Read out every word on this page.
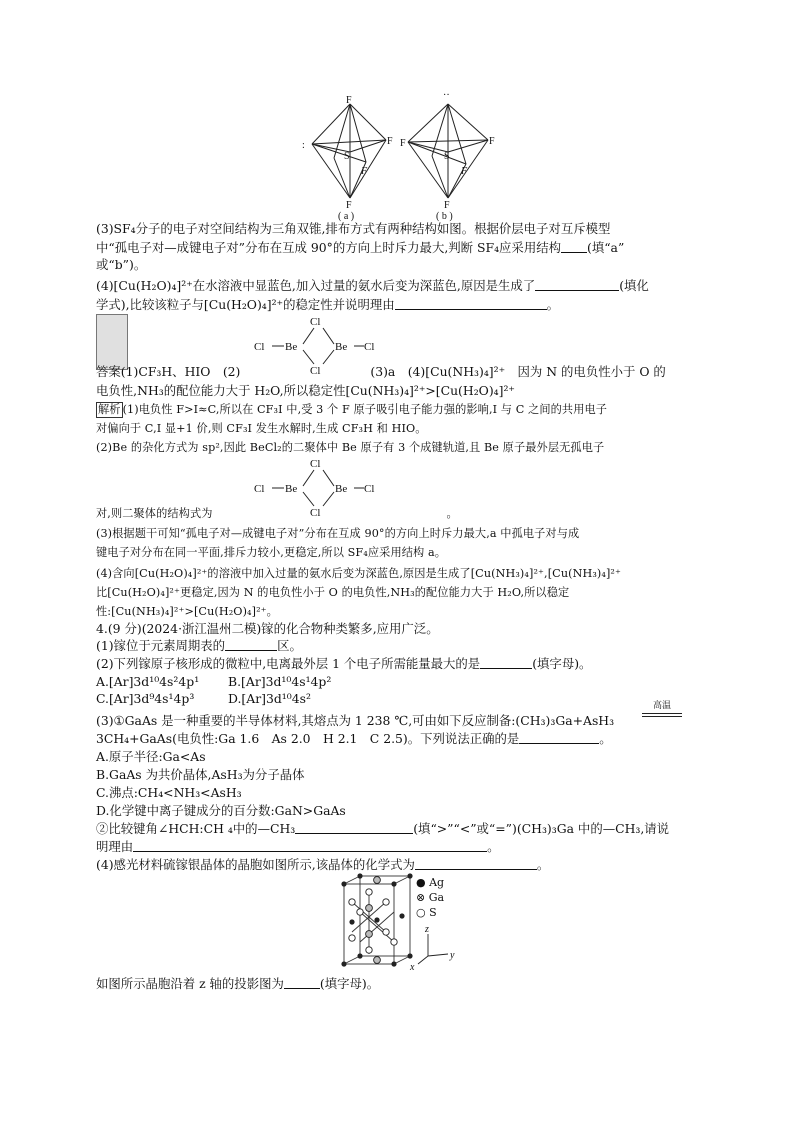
F
:	F
S
F
F
··
F	F
S
F
F
( a )	( b )
(3)SF₄分子的电子对空间结构为三角双锥,排布方式有两种结构如图。根据价层电子对互斥模型
中“孤电子对—成键电子对”分布在互成 90°的方向上时斥力最大,判断 SF₄应采用结构 (填“a”
或“b”)。
(4)[Cu(H₂O)₄]²⁺在水溶液中显蓝色,加入过量的氨水后变为深蓝色,原因是生成了	(填化
学式),比较该粒子与[Cu(H₂O)₄]²⁺的稳定性并说明理由	。
Cl
Cl Be	Be Cl
Cl
答案(1)CF₃H、HIO　(2)	(3)a　(4)[Cu(NH₃)₄]²⁺　因为 N 的电负性小于 O 的
电负性,NH₃的配位能力大于 H₂O,所以稳定性[Cu(NH₃)₄]²⁺>[Cu(H₂O)₄]²⁺
解析 (1)电负性 F>I≈C,所以在 CF₃I 中,受 3 个 F 原子吸引电子能力强的影响,I 与 C 之间的共用电子
对偏向于 C,I 显+1 价,则 CF₃I 发生水解时,生成 CF₃H 和 HIO。
(2)Be 的杂化方式为 sp²,因此 BeCl₂的二聚体中 Be 原子有 3 个成键轨道,且 Be 原子最外层无孤电子
Cl
Cl Be	Be Cl
Cl
对,则二聚体的结构式为	。
(3)根据题干可知“孤电子对—成键电子对”分布在互成 90°的方向上时斥力最大,a 中孤电子对与成
键电子对分布在同一平面,排斥力较小,更稳定,所以 SF₄应采用结构 a。
(4)含向[Cu(H₂O)₄]²⁺的溶液中加入过量的氨水后变为深蓝色,原因是生成了[Cu(NH₃)₄]²⁺,[Cu(NH₃)₄]²⁺
比[Cu(H₂O)₄]²⁺更稳定,因为 N 的电负性小于 O 的电负性,NH₃的配位能力大于 H₂O,所以稳定
性:[Cu(NH₃)₄]²⁺>[Cu(H₂O)₄]²⁺。
4.(9 分)(2024·浙江温州二模)镓的化合物种类繁多,应用广泛。
(1)镓位于元素周期表的	区。
(2)下列镓原子核形成的微粒中,电离最外层 1 个电子所需能量最大的是	(填字母)。
A.[Ar]3d¹⁰4s²4p¹ B.[Ar]3d¹⁰4s¹4p²
C.[Ar]3d⁹4s¹4p³	D.[Ar]3d¹⁰4s²
(3)①GaAs 是一种重要的半导体材料,其熔点为 1 238 ℃,可由如下反应制备:(CH₃)₃Ga+AsH₃
高温
3CH₄+GaAs(电负性:Ga 1.6　As 2.0　H 2.1　C 2.5)。下列说法正确的是	。
A.原子半径:Ga<As
B.GaAs 为共价晶体,AsH₃为分子晶体
C.沸点:CH₄<NH₃<AsH₃
D.化学键中离子键成分的百分数:GaN>GaAs
②比较键角∠HCH:CH ₄中的—CH₃	(填“>”“<”或“=”)(CH₃)₃Ga 中的—CH₃,请说
明理由	。
(4)感光材料硫镓银晶体的晶胞如图所示,该晶体的化学式为	。
z
y
x
● Ag
⊗ Ga
○ S
如图所示晶胞沿着 z 轴的投影图为	(填字母)。
